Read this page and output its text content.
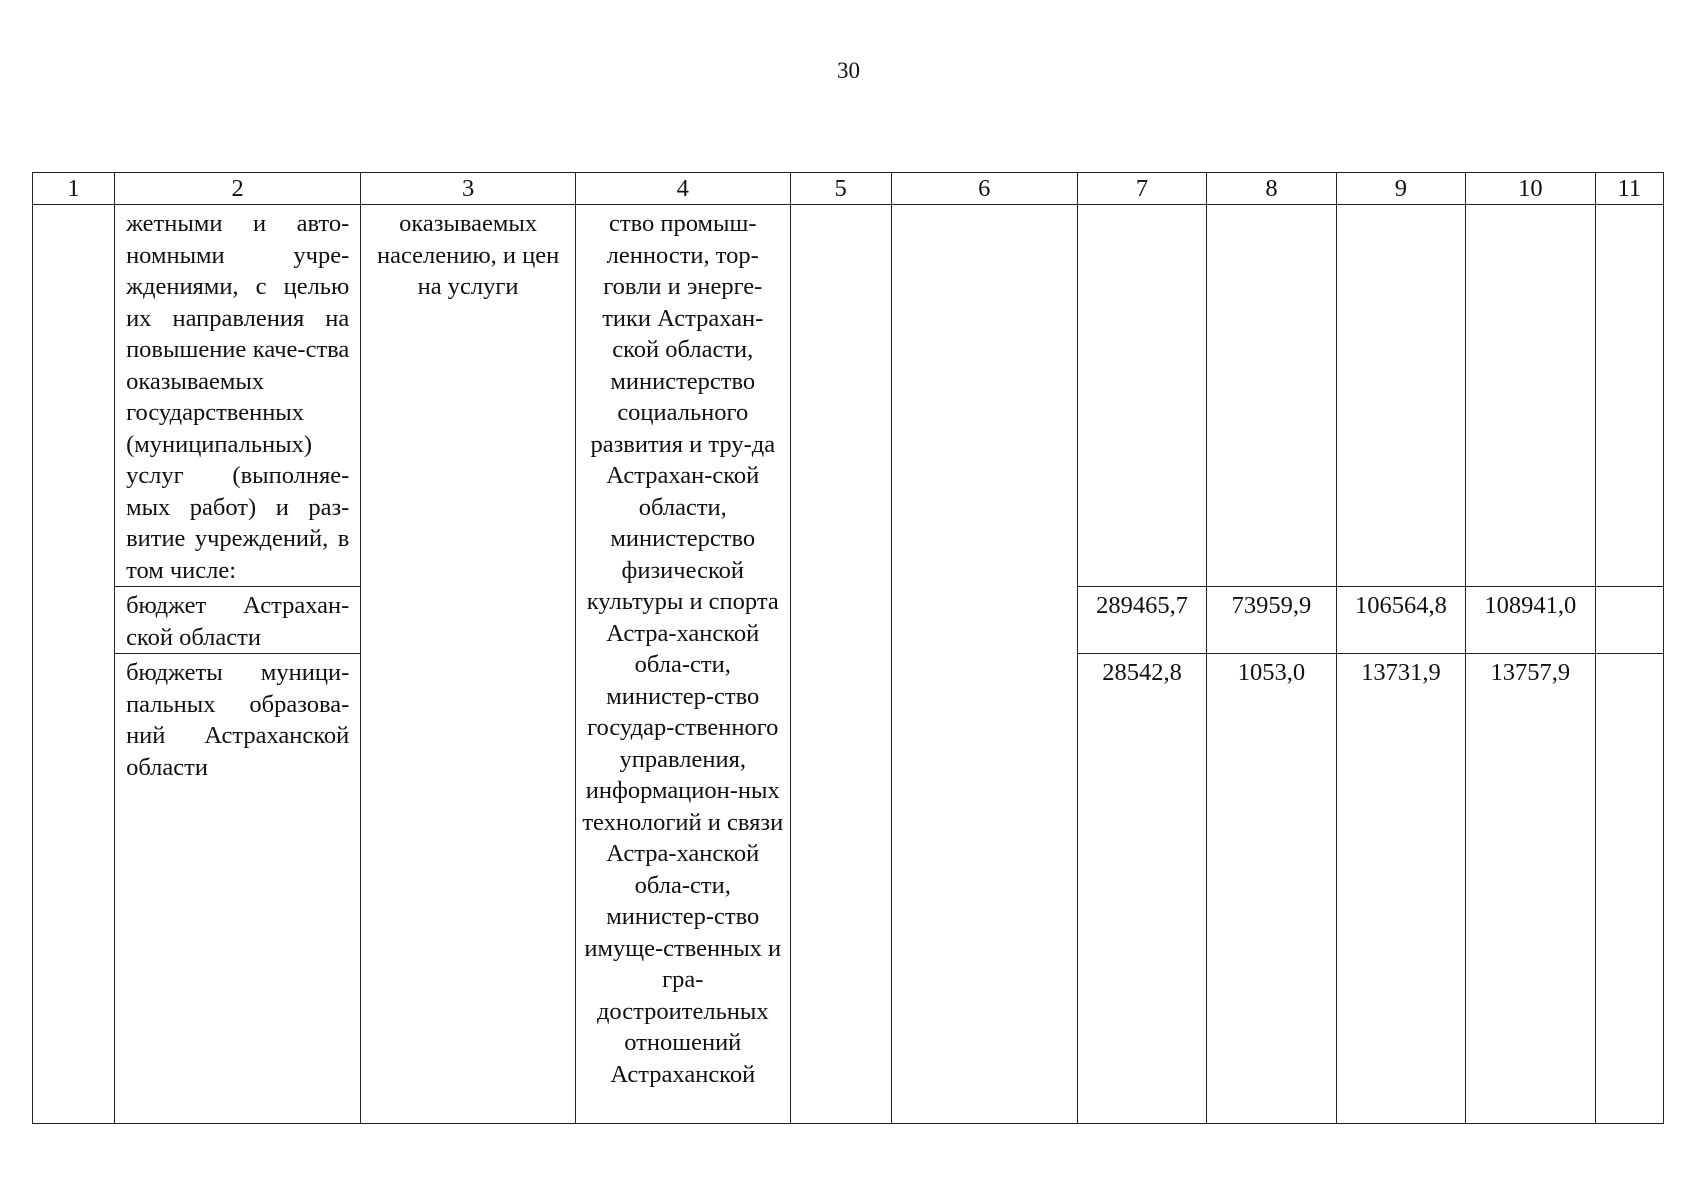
30
1	2	3	4	5	6	7	8	9	10	11

	жетными и авто-номными учре-ждениями, с целью их направления на повышение каче-ства оказываемых государственных (муниципальных) услуг (выполняе-мых работ) и раз-витие учреждений, в том числе:	оказываемых населению, и цен на услуги	ство промыш-ленности, тор-говли и энерге-тики Астрахан-ской области, министерство социального развития и тру-да Астрахан-ской области, министерство физической культуры и спорта Астра-ханской обла-сти, министер-ство государ-ственного управления, информацион-ных технологий и связи Астра-ханской обла-сти, министер-ство имуще-ственных и гра-достроительных отношений Астраханской							

	бюджет Астрахан-ской области					289465,7	73959,9	106564,8	108941,0	

	бюджеты муници-пальных образова-ний Астраханской области					28542,8	1053,0	13731,9	13757,9	
